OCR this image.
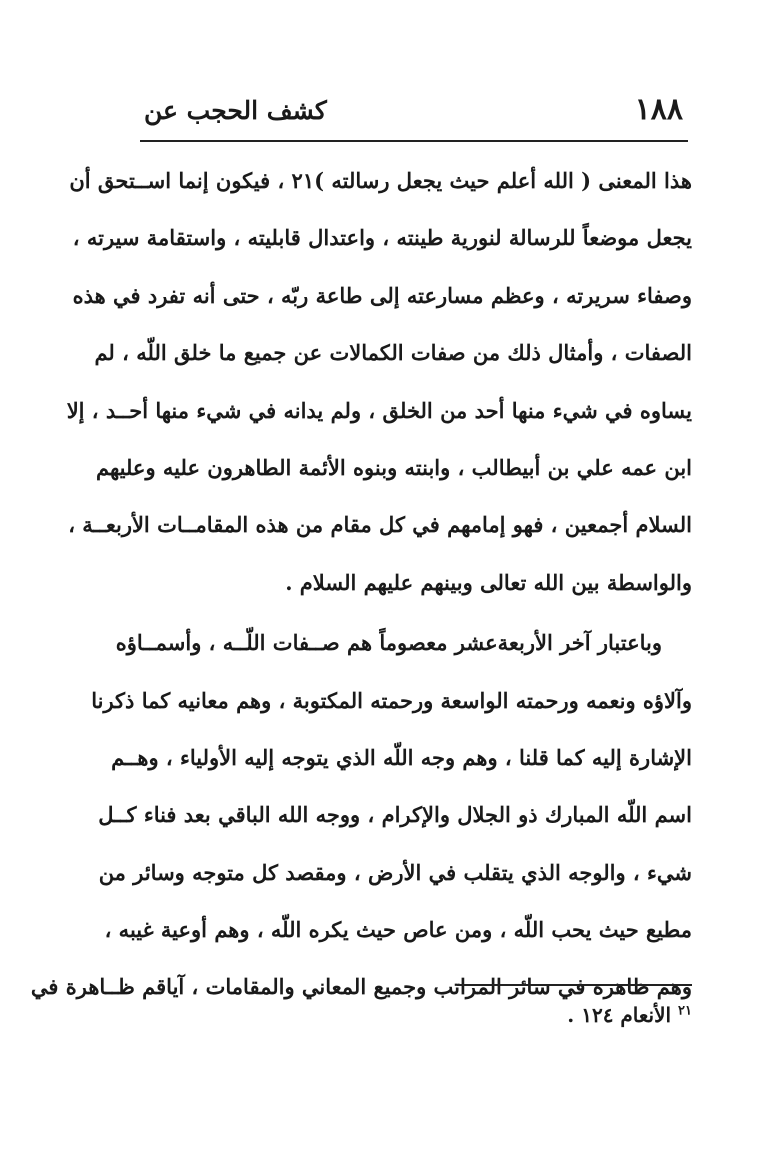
١٨٨
كشف الحجب عن
هذا المعنى ( الله أعلم حيث يجعل رسالته )٢١ ، فيكون إنما اســتحق أن
يجعل موضعاً للرسالة لنورية طينته ، واعتدال قابليته ، واستقامة سيرته ،
وصفاء سريرته ، وعظم مسارعته إلى طاعة ربّه ، حتى أنه تفرد في هذه
الصفات ، وأمثال ذلك من صفات الكمالات عن جميع ما خلق اللّه ، لم
يساوه في شيء منها أحد من الخلق ، ولم يدانه في شيء منها أحــد ، إلا
ابن عمه علي بن أبيطالب ، وابنته وبنوه الأئمة الطاهرون عليه وعليهم
السلام أجمعين ، فهو إمامهم في كل مقام من هذه المقامــات الأربعــة ،
والواسطة بين الله تعالى وبينهم عليهم السلام .
وباعتبار آخر الأربعةعشر معصوماً هم صــفات اللّــه ، وأسمــاؤه
وآلاؤه ونعمه ورحمته الواسعة ورحمته المكتوبة ، وهم معانيه كما ذكرنا
الإشارة إليه كما قلنا ، وهم وجه اللّه الذي يتوجه إليه الأولياء ، وهــم
اسم اللّه المبارك ذو الجلال والإكرام ، ووجه الله الباقي بعد فناء كــل
شيء ، والوجه الذي يتقلب في الأرض ، ومقصد كل متوجه وسائر من
مطيع حيث يحب اللّه ، ومن عاص حيث يكره اللّه ، وهم أوعية غيبه ،
وهم ظاهره في سائر المراتب وجميع المعاني والمقامات ، آياقم ظــاهرة في
$^{٢١}$ الأنعام ١٢٤ .
